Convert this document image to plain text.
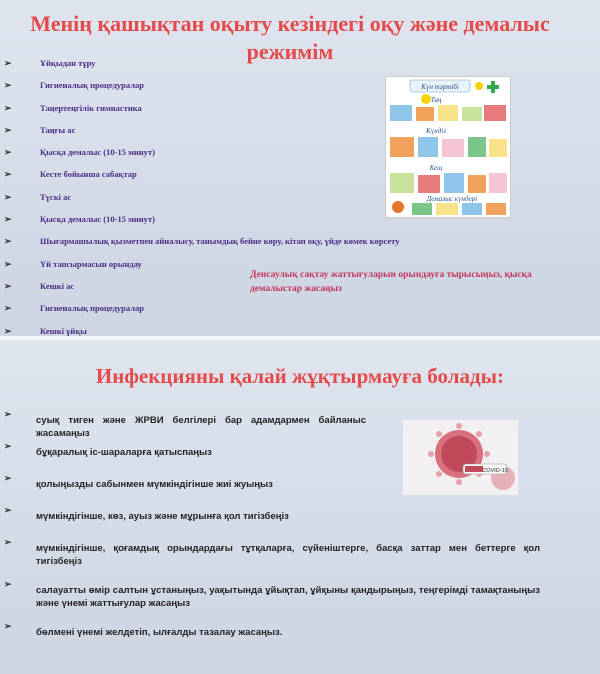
Менің қашықтан оқыту кезіндегі оқу және демалыс режимім
➢	Ұйқыдан тұру
➢	Гигиеналық процедуралар
➢	Таңертеңгілік гимнастика
➢	Таңғы ас
➢	Қысқа демалыс (10-15 минут)
➢	Кесте бойынша сабақтар
➢	Түскі ас
➢	Қысқа демалыс (10-15 минут)
➢	Шығармашылық қызметпен айналысу, танымдық бейне көру, кітап оқу, үйде көмек көрсету
➢	Үй тапсырмасын орындау
➢	Кешкі ас
➢	Гигиеналық процедуралар
➢	Кешкі ұйқы
Күн тәртібі
Таң
Күндіз
Кеш
Демалыс күндері
Денсаулық сақтау жаттығуларын орындауға тырысыңыз, қысқа демалыстар жасаңыз
Инфекцияны қалай жұқтырмауға болады:
➢
суық тиген және ЖРВИ белгілері бар адамдармен байланыс жасамаңыз
➢
бұқаралық іс-шараларға қатыспаңыз
➢
қолыңызды сабынмен мүмкіндігінше жиі жуыңыз
➢
мүмкіндігінше, көз, ауыз және мұрынға қол тигізбеңіз
➢
мүмкіндігінше, қоғамдық орындардағы тұтқаларға, сүйеніштерге, басқа заттар мен беттерге қол тигізбеңіз
➢
салауатты өмір салтын ұстаныңыз, уақытында ұйықтап, ұйқыны қандырыңыз, теңгерімді тамақтаныңыз және үнемі жаттығулар жасаңыз
➢
бөлмені үнемі желдетіп, ылғалды тазалау жасаңыз.
COVID-19
